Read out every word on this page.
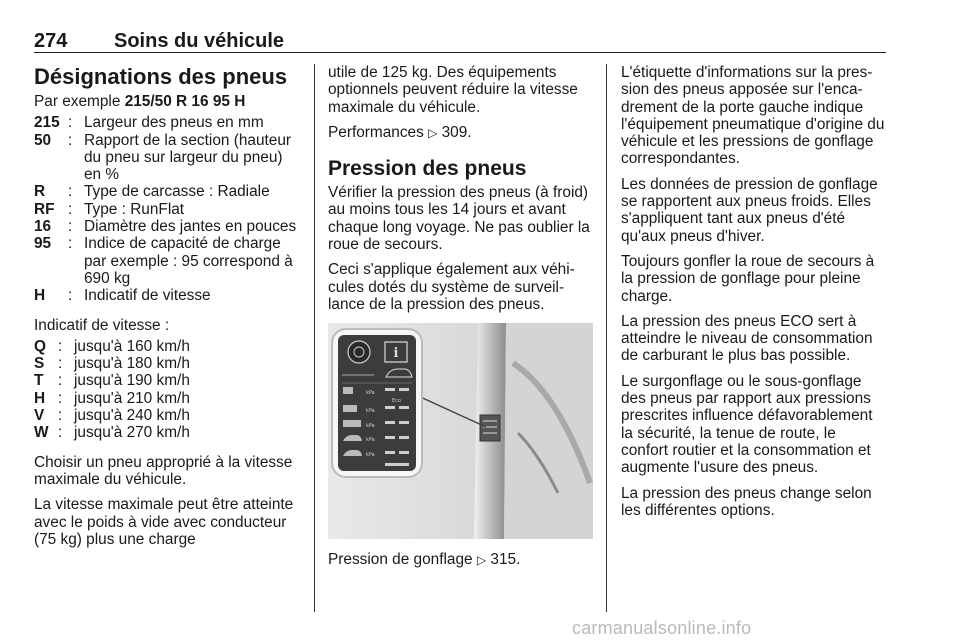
274 Soins du véhicule
Désignations des pneus

Par exemple 215/50 R 16 95 H

215 : Largeur des pneus en mm
50	: Rapport de la section (hauteur du pneu sur largeur du pneu) en %
R	: Type de carcasse : Radiale
RF : Type : RunFlat
16	: Diamètre des jantes en pouces
95	: Indice de capacité de charge par exemple : 95 correspond à 690 kg
H	: Indicatif de vitesse

Indicatif de vitesse :

Q : jusqu'à 160 km/h
S : jusqu'à 180 km/h
T : jusqu'à 190 km/h
H : jusqu'à 210 km/h
V : jusqu'à 240 km/h
W : jusqu'à 270 km/h

Choisir un pneu approprié à la vitesse maximale du véhicule.

La vitesse maximale peut être atteinte avec le poids à vide avec conducteur (75 kg) plus une charge

utile de 125 kg. Des équipements optionnels peuvent réduire la vitesse maximale du véhicule.

Performances ▷ 309.

Pression des pneus

Vérifier la pression des pneus (à froid) au moins tous les 14 jours et avant chaque long voyage. Ne pas oublier la roue de secours.

Ceci s'applique également aux véhi-cules dotés du système de surveil-lance de la pression des pneus.

i
kPa
Eco
kPa
kPa
kPa
kPa

Pression de gonflage ▷ 315.

L'étiquette d'informations sur la pres-sion des pneus apposée sur l'enca-drement de la porte gauche indique l'équipement pneumatique d'origine du véhicule et les pressions de gonflage correspondantes.

Les données de pression de gonflage se rapportent aux pneus froids. Elles s'appliquent tant aux pneus d'été qu'aux pneus d'hiver.

Toujours gonfler la roue de secours à la pression de gonflage pour pleine charge.

La pression des pneus ECO sert à atteindre le niveau de consommation de carburant le plus bas possible.

Le surgonflage ou le sous-gonflage des pneus par rapport aux pressions prescrites influence défavorablement la sécurité, la tenue de route, le confort routier et la consommation et augmente l'usure des pneus.

La pression des pneus change selon les différentes options.

carmanualsonline.info
